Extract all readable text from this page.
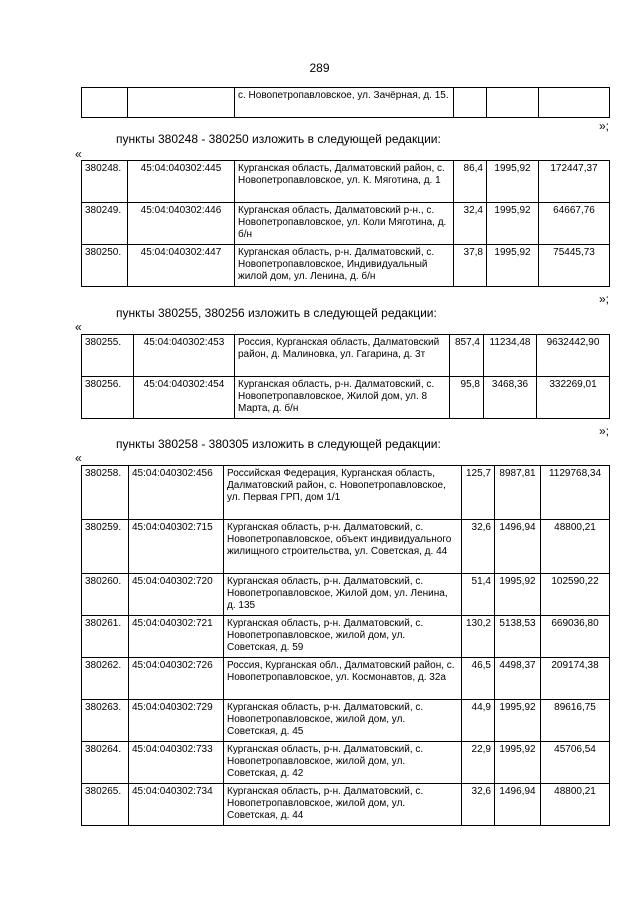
289
		с. Новопетропавловское, ул. Зачёрная, д. 15.			
»;
пункты 380248 - 380250 изложить в следующей редакции:
«
380248.	45:04:040302:445	Курганская область, Далматовский район, с. Новопетропавловское, ул. К. Мяготина, д. 1	86,4	1995,92	172447,37
380249.	45:04:040302:446	Курганская область, Далматовский р-н., с. Новопетропавловское, ул. Коли Мяготина, д. б/н	32,4	1995,92	64667,76
380250.	45:04:040302:447	Курганская область, р-н. Далматовский, с. Новопетропавловское, Индивидуальный жилой дом, ул. Ленина, д. б/н	37,8	1995,92	75445,73
»;
пункты 380255, 380256 изложить в следующей редакции:
«
380255.	45:04:040302:453	Россия, Курганская область, Далматовский район, д. Малиновка, ул. Гагарина, д. 3т	857,4	11234,48	9632442,90
380256.	45:04:040302:454	Курганская область, р-н. Далматовский, с. Новопетропавловское, Жилой дом, ул. 8 Марта, д. б/н	95,8	3468,36	332269,01
»;
пункты 380258 - 380305 изложить в следующей редакции:
«
380258.	45:04:040302:456	Российская Федерация, Курганская область, Далматовский район, с. Новопетропавловское, ул. Первая ГРП, дом 1/1	125,7	8987,81	1129768,34
380259.	45:04:040302:715	Курганская область, р-н. Далматовский, с. Новопетропавловское, объект индивидуального жилищного строительства, ул. Советская, д. 44	32,6	1496,94	48800,21
380260.	45:04:040302:720	Курганская область, р-н. Далматовский, с. Новопетропавловское, Жилой дом, ул. Ленина, д. 135	51,4	1995,92	102590,22
380261.	45:04:040302:721	Курганская область, р-н. Далматовский, с. Новопетропавловское, жилой дом, ул. Советская, д. 59	130,2	5138,53	669036,80
380262.	45:04:040302:726	Россия, Курганская обл., Далматовский район, с. Новопетропавловское, ул. Космонавтов, д. 32а	46,5	4498,37	209174,38
380263.	45:04:040302:729	Курганская область, р-н. Далматовский, с. Новопетропавловское, жилой дом, ул. Советская, д. 45	44,9	1995,92	89616,75
380264.	45:04:040302:733	Курганская область, р-н. Далматовский, с. Новопетропавловское, жилой дом, ул. Советская, д. 42	22,9	1995,92	45706,54
380265.	45:04:040302:734	Курганская область, р-н. Далматовский, с. Новопетропавловское, жилой дом, ул. Советская, д. 44	32,6	1496,94	48800,21
